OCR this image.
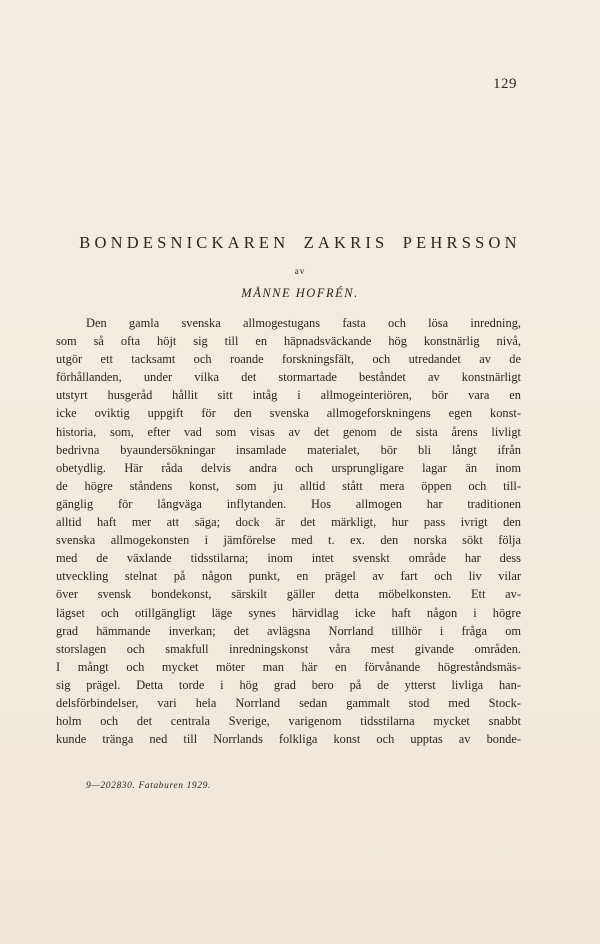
129
BONDESNICKAREN ZAKRIS PEHRSSON
av
MÅNNE HOFRÉN.
Den gamla svenska allmogestugans fasta och lösa inredning,
som så ofta höjt sig till en häpnadsväckande hög konstnärlig nivå,
utgör ett tacksamt och roande forskningsfält, och utredandet av de
förhållanden, under vilka det stormartade beståndet av konstnärligt
utstyrt husgeråd hållit sitt intåg i allmogeinteriören, bör vara en
icke oviktig uppgift för den svenska allmogeforskningens egen konst-
historia, som, efter vad som visas av det genom de sista årens livligt
bedrivna byaundersökningar insamlade materialet, bör bli långt ifrån
obetydlig. Här råda delvis andra och ursprungligare lagar än inom
de högre ståndens konst, som ju alltid stått mera öppen och till-
gänglig för långväga inflytanden. Hos allmogen har traditionen
alltid haft mer att säga; dock är det märkligt, hur pass ivrigt den
svenska allmogekonsten i jämförelse med t. ex. den norska sökt följa
med de växlande tidsstilarna; inom intet svenskt område har dess
utveckling stelnat på någon punkt, en prägel av fart och liv vilar
över svensk bondekonst, särskilt gäller detta möbelkonsten. Ett av-
lägset och otillgängligt läge synes härvidlag icke haft någon i högre
grad hämmande inverkan; det avlägsna Norrland tillhör i fråga om
storslagen och smakfull inredningskonst våra mest givande områden.
I mångt och mycket möter man här en förvånande högreståndsmäs-
sig prägel. Detta torde i hög grad bero på de ytterst livliga han-
delsförbindelser, vari hela Norrland sedan gammalt stod med Stock-
holm och det centrala Sverige, varigenom tidsstilarna mycket snabbt
kunde tränga ned till Norrlands folkliga konst och upptas av bonde-
9—202830. Fataburen 1929.
